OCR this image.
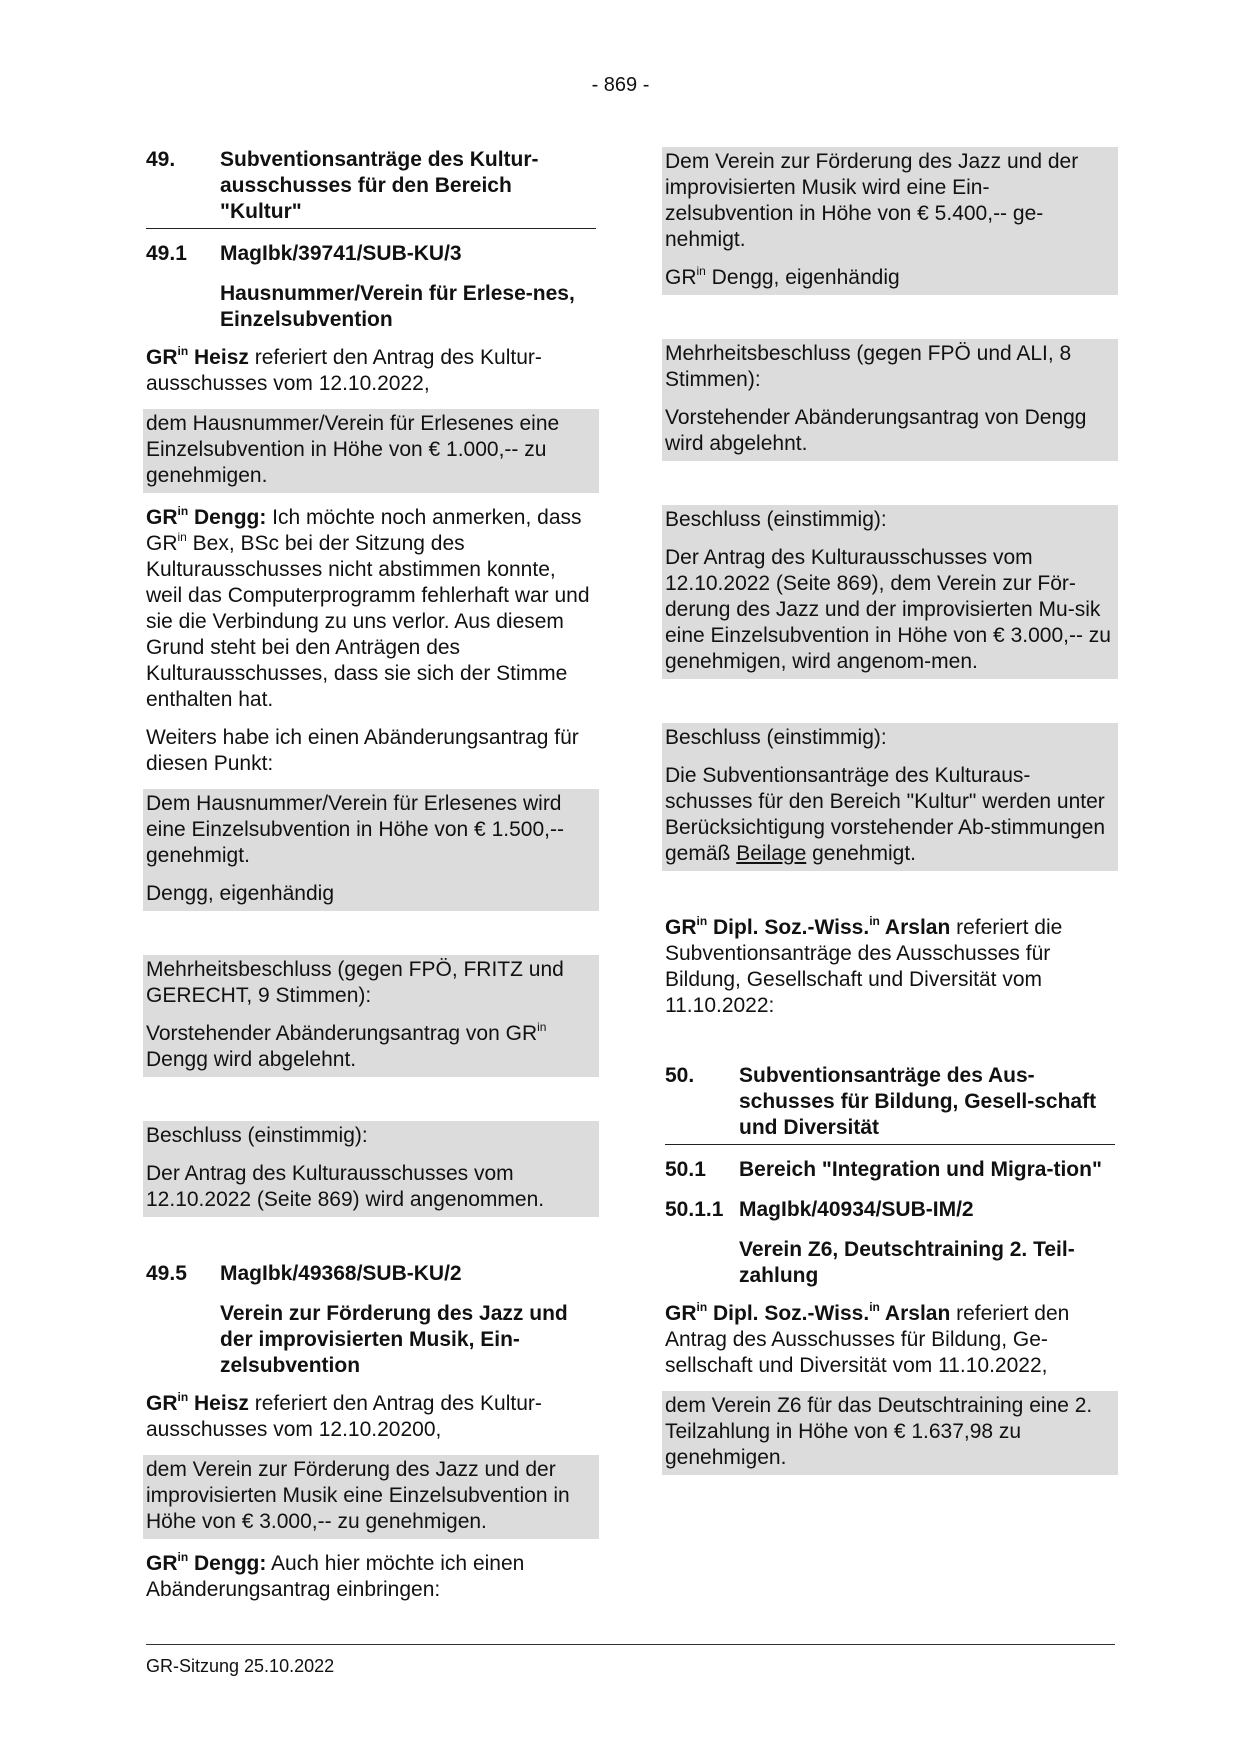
- 869 -
49.	Subventionsanträge des Kultur-ausschusses für den Bereich "Kultur"
49.1	MagIbk/39741/SUB-KU/3

Hausnummer/Verein für Erlese-nes, Einzelsubvention

$GR^{in}$ Heisz referiert den Antrag des Kultur-ausschusses vom 12.10.2022,

dem Hausnummer/Verein für Erlesenes eine Einzelsubvention in Höhe von € 1.000,-- zu genehmigen.

$GR^{in}$ Dengg: Ich möchte noch anmerken, dass $GR^{in}$ Bex, BSc bei der Sitzung des Kulturausschusses nicht abstimmen konnte, weil das Computerprogramm fehlerhaft war und sie die Verbindung zu uns verlor. Aus diesem Grund steht bei den Anträgen des Kulturausschusses, dass sie sich der Stimme enthalten hat.

Weiters habe ich einen Abänderungsantrag für diesen Punkt:

Dem Hausnummer/Verein für Erlesenes wird eine Einzelsubvention in Höhe von € 1.500,-- genehmigt.

Dengg, eigenhändig

Mehrheitsbeschluss (gegen FPÖ, FRITZ und GERECHT, 9 Stimmen):

Vorstehender Abänderungsantrag von $GR^{in}$ Dengg wird abgelehnt.

Beschluss (einstimmig):

Der Antrag des Kulturausschusses vom 12.10.2022 (Seite 869) wird angenommen.

49.5	MagIbk/49368/SUB-KU/2

Verein zur Förderung des Jazz und der improvisierten Musik, Ein-zelsubvention

$GR^{in}$ Heisz referiert den Antrag des Kultur-ausschusses vom 12.10.20200,

dem Verein zur Förderung des Jazz und der improvisierten Musik eine Einzelsubvention in Höhe von € 3.000,-- zu genehmigen.

$GR^{in}$ Dengg: Auch hier möchte ich einen Abänderungsantrag einbringen:

Dem Verein zur Förderung des Jazz und der improvisierten Musik wird eine Ein-zelsubvention in Höhe von € 5.400,-- ge-nehmigt.

$GR^{in}$ Dengg, eigenhändig

Mehrheitsbeschluss (gegen FPÖ und ALI, 8 Stimmen):

Vorstehender Abänderungsantrag von Dengg wird abgelehnt.

Beschluss (einstimmig):

Der Antrag des Kulturausschusses vom 12.10.2022 (Seite 869), dem Verein zur För-derung des Jazz und der improvisierten Mu-sik eine Einzelsubvention in Höhe von € 3.000,-- zu genehmigen, wird angenom-men.

Beschluss (einstimmig):

Die Subventionsanträge des Kulturaus-schusses für den Bereich "Kultur" werden unter Berücksichtigung vorstehender Ab-stimmungen gemäß Beilage genehmigt.

$GR^{in}$ Dipl. Soz.-Wiss.$^{in}$ Arslan referiert die Subventionsanträge des Ausschusses für Bildung, Gesellschaft und Diversität vom 11.10.2022:

50.	Subventionsanträge des Aus-schusses für Bildung, Gesell-schaft und Diversität
50.1	Bereich "Integration und Migra-tion"
50.1.1 MagIbk/40934/SUB-IM/2

Verein Z6, Deutschtraining 2. Teil-zahlung

$GR^{in}$ Dipl. Soz.-Wiss.$^{in}$ Arslan referiert den Antrag des Ausschusses für Bildung, Ge-sellschaft und Diversität vom 11.10.2022,

dem Verein Z6 für das Deutschtraining eine 2. Teilzahlung in Höhe von € 1.637,98 zu genehmigen.

GR-Sitzung 25.10.2022
